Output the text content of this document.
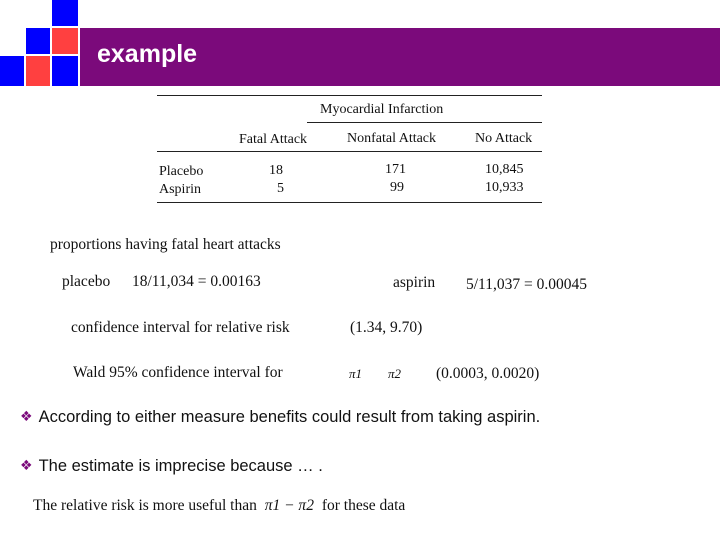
example
Myocardial Infarction
Fatal Attack	Nonfatal Attack	No Attack
Placebo	18	171	10,845
Aspirin	5	99	10,933
proportions having fatal heart attacks
placebo 18/11,034 = 0.00163	aspirin 5/11,037 = 0.00045
confidence interval for relative risk	(1.34, 9.70)
Wald 95% confidence interval for	π1 π2 (0.0003, 0.0020)
❖ According to either measure benefits could result from taking aspirin.
❖ The estimate is imprecise because … .
The relative risk is more useful than π1 − π2 for these data
